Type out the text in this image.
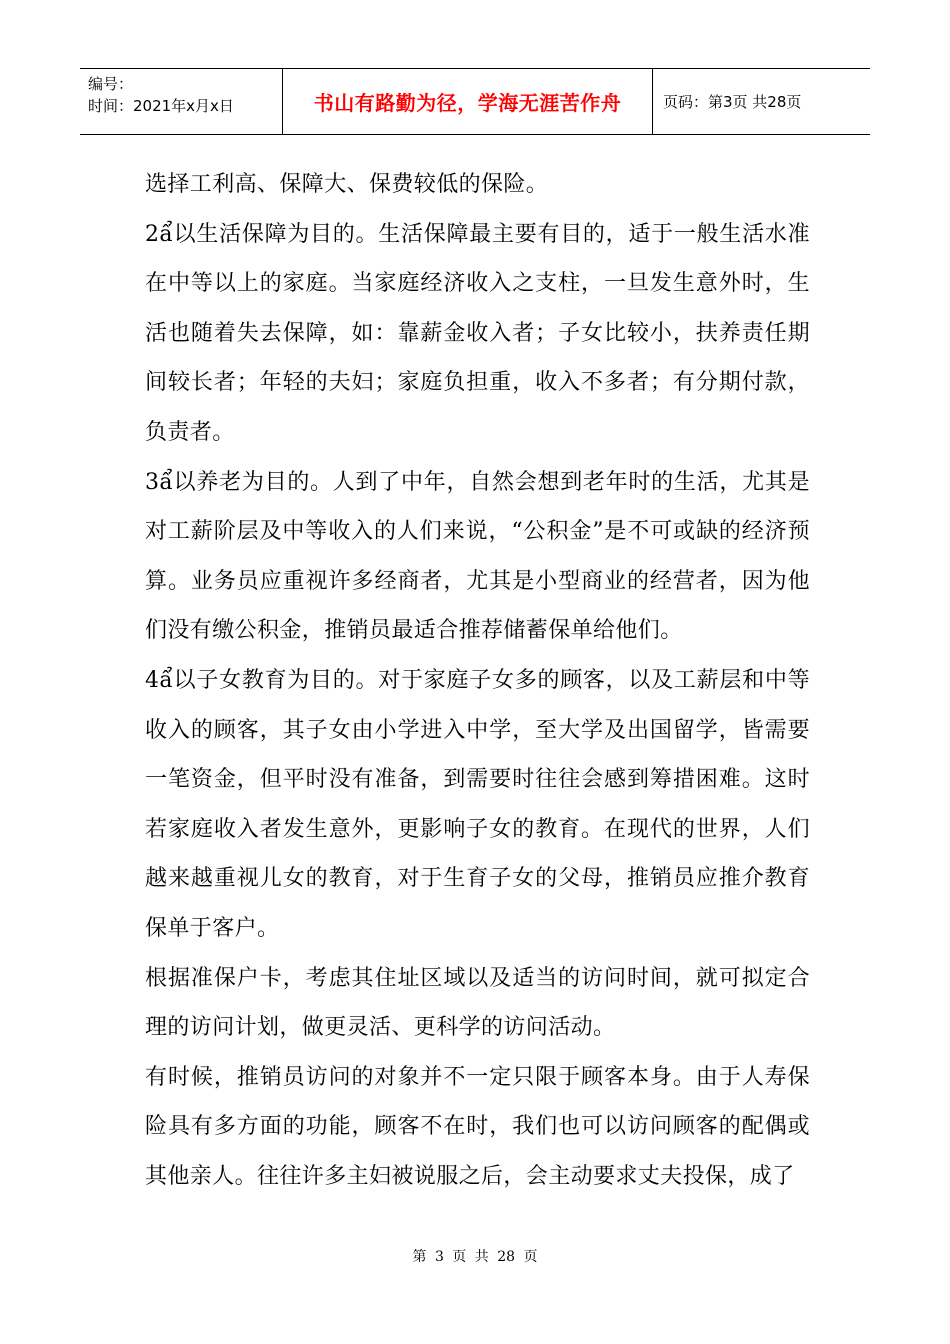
编号：
时间：2021年x月x日	书山有路勤为径，学海无涯苦作舟	页码：第3页 共28页

选择工利高、保障大、保费较低的保险。

2ẩ以生活保障为目的。生活保障最主要有目的，适于一般生活水准在中等以上的家庭。当家庭经济收入之支柱，一旦发生意外时，生活也随着失去保障，如：靠薪金收入者；子女比较小，扶养责任期间较长者；年轻的夫妇；家庭负担重，收入不多者；有分期付款，负责者。

3ẩ以养老为目的。人到了中年，自然会想到老年时的生活，尤其是对工薪阶层及中等收入的人们来说，“公积金”是不可或缺的经济预算。业务员应重视许多经商者，尤其是小型商业的经营者，因为他们没有缴公积金，推销员最适合推荐储蓄保单给他们。

4ẩ以子女教育为目的。对于家庭子女多的顾客，以及工薪层和中等收入的顾客，其子女由小学进入中学，至大学及出国留学，皆需要一笔资金，但平时没有准备，到需要时往往会感到筹措困难。这时若家庭收入者发生意外，更影响子女的教育。在现代的世界，人们越来越重视儿女的教育，对于生育子女的父母，推销员应推介教育保单于客户。

根据准保户卡，考虑其住址区域以及适当的访问时间，就可拟定合理的访问计划，做更灵活、更科学的访问活动。

有时候，推销员访问的对象并不一定只限于顾客本身。由于人寿保险具有多方面的功能，顾客不在时，我们也可以访问顾客的配偶或其他亲人。往往许多主妇被说服之后，会主动要求丈夫投保，成了

第 3 页 共 28 页
